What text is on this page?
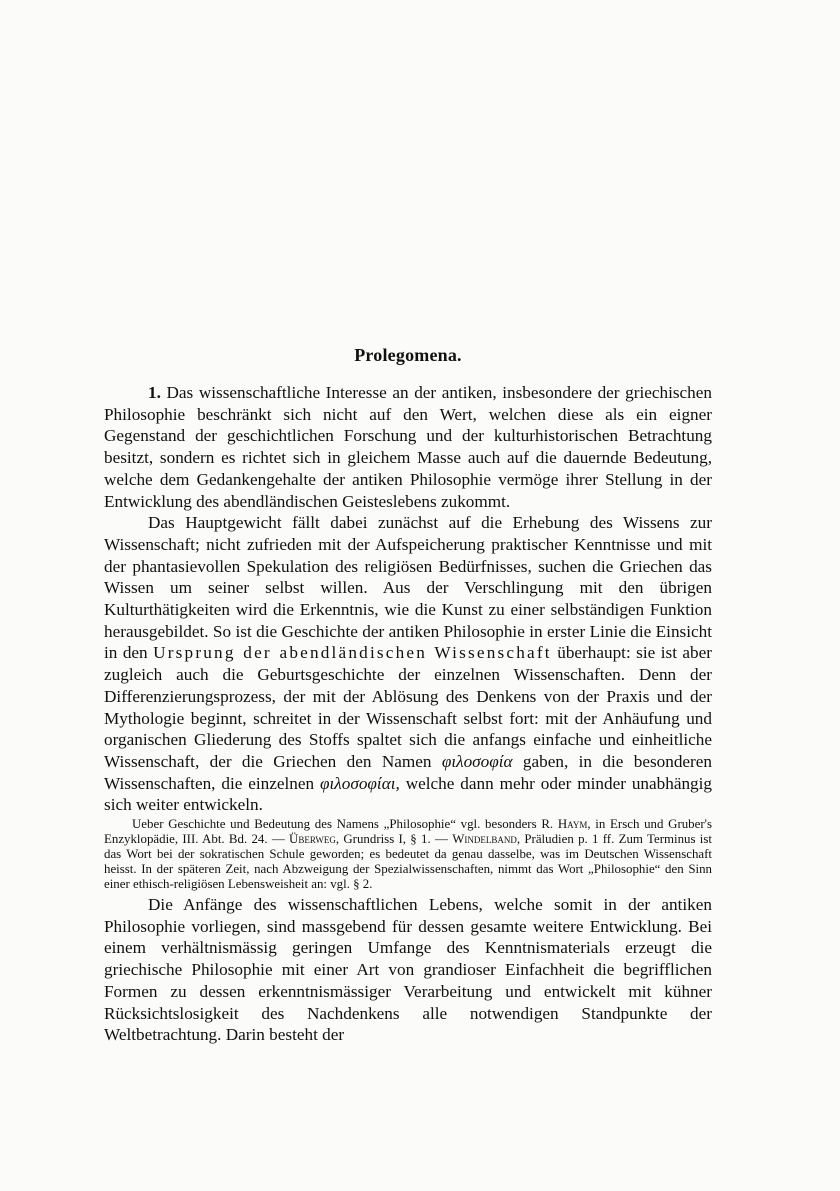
Prolegomena.

1. Das wissenschaftliche Interesse an der antiken, insbesondere der griechischen Philosophie beschränkt sich nicht auf den Wert, welchen diese als ein eigner Gegenstand der geschichtlichen Forschung und der kulturhistorischen Betrachtung besitzt, sondern es richtet sich in gleichem Masse auch auf die dauernde Bedeutung, welche dem Gedankengehalte der antiken Philosophie vermöge ihrer Stellung in der Entwicklung des abendländischen Geisteslebens zukommt.

Das Hauptgewicht fällt dabei zunächst auf die Erhebung des Wissens zur Wissenschaft; nicht zufrieden mit der Aufspeicherung praktischer Kenntnisse und mit der phantasievollen Spekulation des religiösen Bedürfnisses, suchen die Griechen das Wissen um seiner selbst willen. Aus der Verschlingung mit den übrigen Kulturthätigkeiten wird die Erkenntnis, wie die Kunst zu einer selbständigen Funktion herausgebildet. So ist die Geschichte der antiken Philosophie in erster Linie die Einsicht in den Ursprung der abendländischen Wissenschaft überhaupt: sie ist aber zugleich auch die Geburtsgeschichte der einzelnen Wissenschaften. Denn der Differenzierungsprozess, der mit der Ablösung des Denkens von der Praxis und der Mythologie beginnt, schreitet in der Wissenschaft selbst fort: mit der Anhäufung und organischen Gliederung des Stoffs spaltet sich die anfangs einfache und einheitliche Wissenschaft, der die Griechen den Namen φιλοσοφία gaben, in die besonderen Wissenschaften, die einzelnen φιλοσοφίαι, welche dann mehr oder minder unabhängig sich weiter entwickeln.

Ueber Geschichte und Bedeutung des Namens „Philosophie“ vgl. besonders R. Haym, in Ersch und Gruber's Enzyklopädie, III. Abt. Bd. 24. — Überweg, Grundriss I, § 1. — Windelband, Präludien p. 1 ff. Zum Terminus ist das Wort bei der sokratischen Schule geworden; es bedeutet da genau dasselbe, was im Deutschen Wissenschaft heisst. In der späteren Zeit, nach Abzweigung der Spezialwissenschaften, nimmt das Wort „Philosophie“ den Sinn einer ethisch-religiösen Lebensweisheit an: vgl. § 2.

Die Anfänge des wissenschaftlichen Lebens, welche somit in der antiken Philosophie vorliegen, sind massgebend für dessen gesamte weitere Entwicklung. Bei einem verhältnismässig geringen Umfange des Kenntnismaterials erzeugt die griechische Philosophie mit einer Art von grandioser Einfachheit die begrifflichen Formen zu dessen erkenntnismässiger Verarbeitung und entwickelt mit kühner Rücksichtslosigkeit des Nachdenkens alle notwendigen Standpunkte der Weltbetrachtung. Darin besteht der
